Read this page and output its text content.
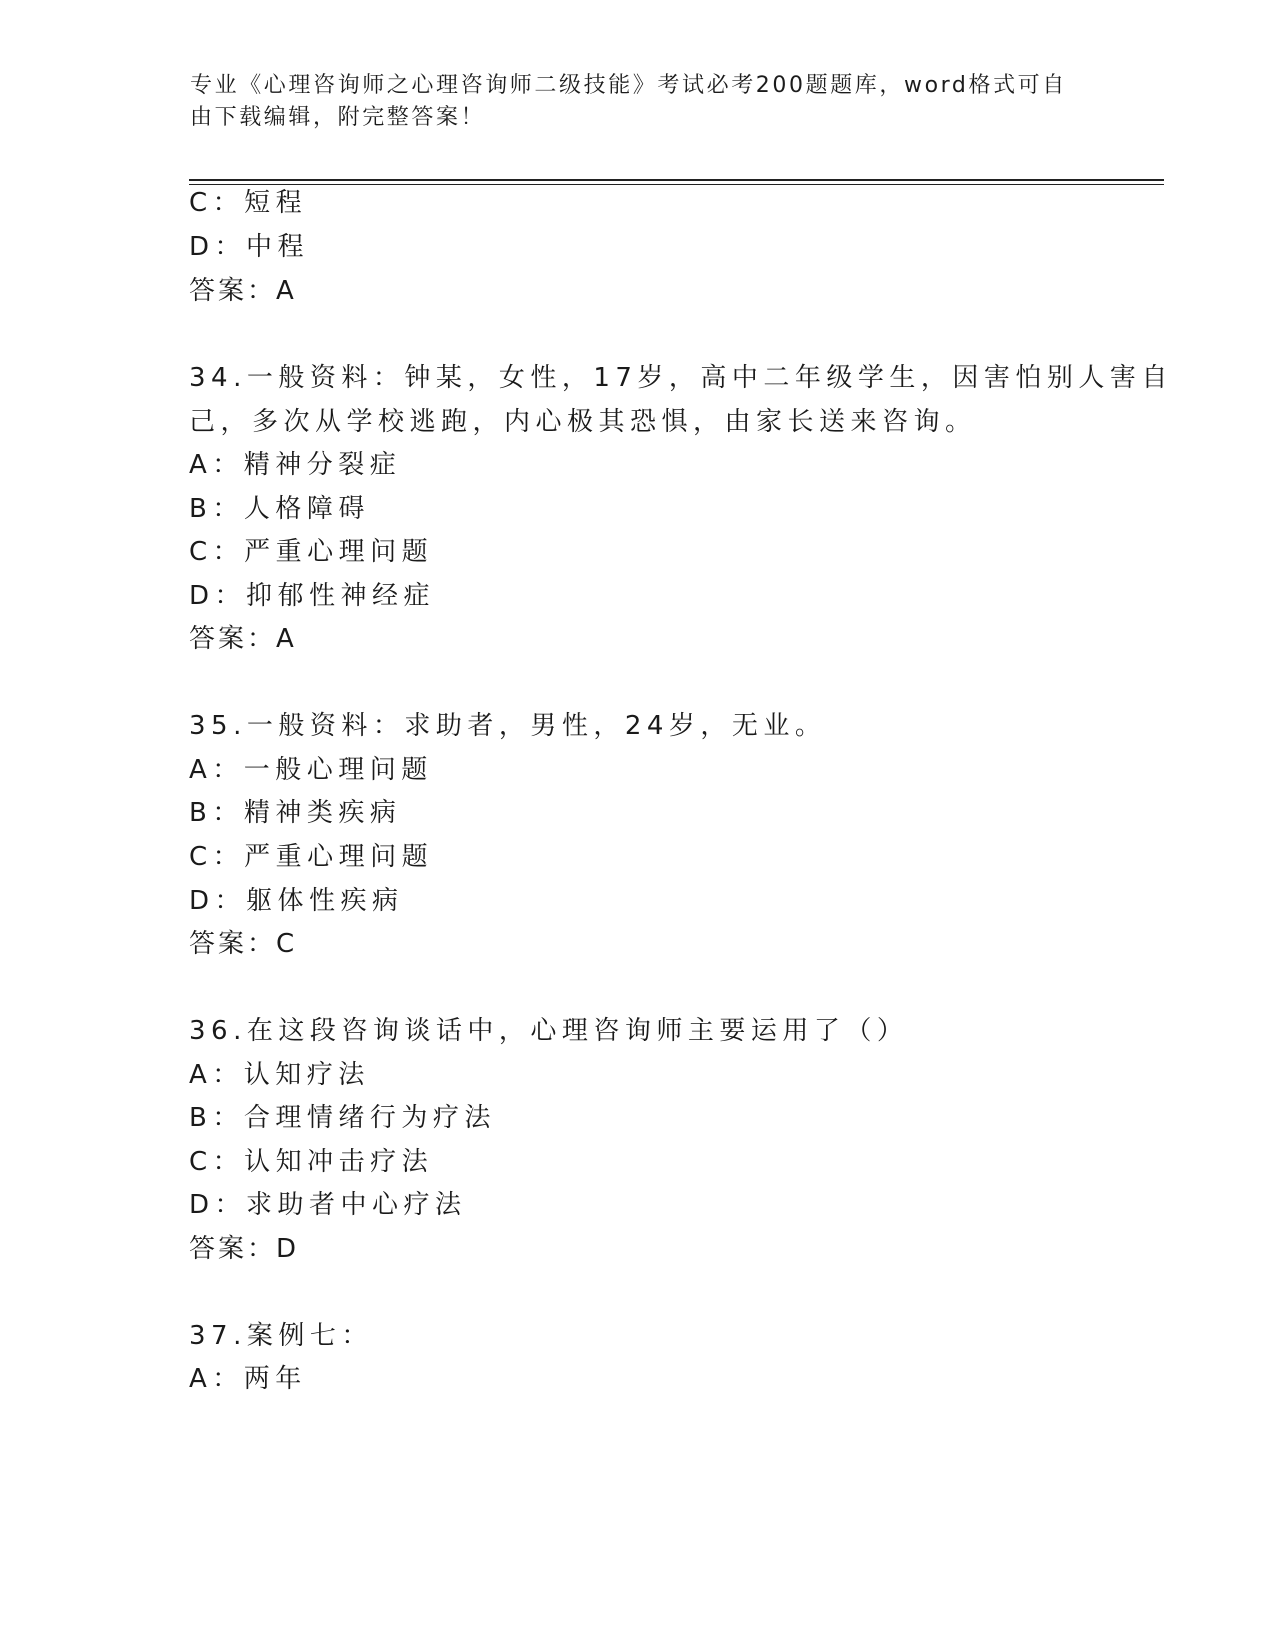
专业《心理咨询师之心理咨询师二级技能》考试必考200题题库，word格式可自
由下载编辑，附完整答案！
C：短程
D：中程
答案：A
34.一般资料：钟某，女性，17岁，高中二年级学生，因害怕别人害自
己，多次从学校逃跑，内心极其恐惧，由家长送来咨询。
A：精神分裂症
B：人格障碍
C：严重心理问题
D：抑郁性神经症
答案：A
35.一般资料：求助者，男性，24岁，无业。
A：一般心理问题
B：精神类疾病
C：严重心理问题
D：躯体性疾病
答案：C
36.在这段咨询谈话中，心理咨询师主要运用了（）
A：认知疗法
B：合理情绪行为疗法
C：认知冲击疗法
D：求助者中心疗法
答案：D
37.案例七：
A：两年
